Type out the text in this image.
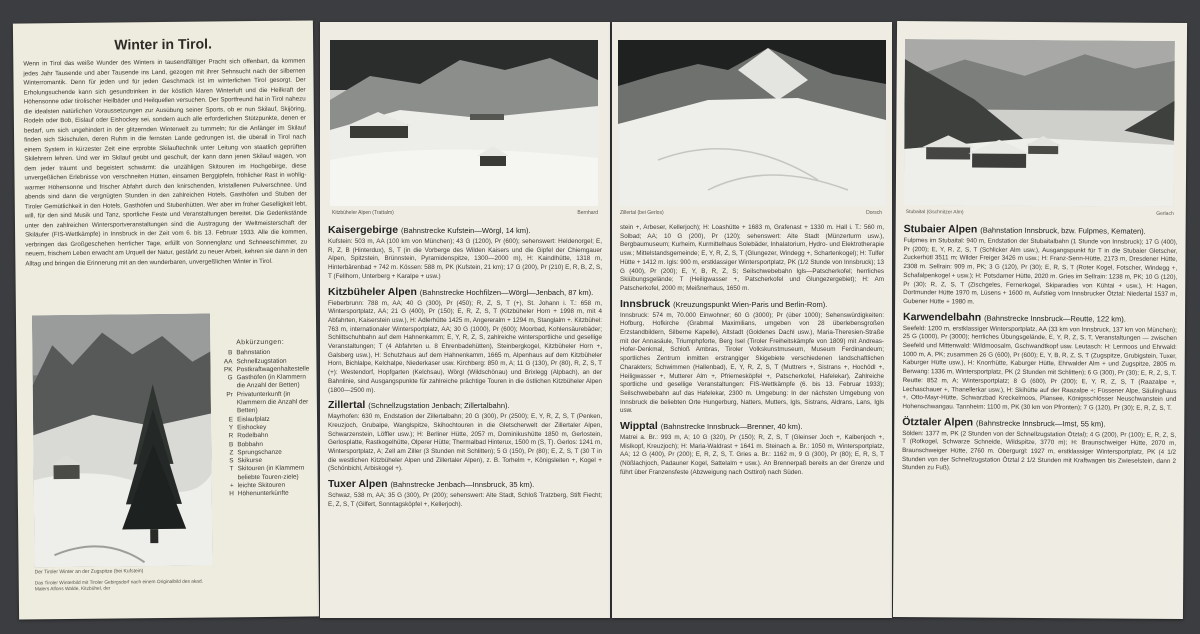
Winter in Tirol.
Wenn in Tirol das weiße Wunder des Winters in tausendfältiger Pracht sich offenbart, da kommen jedes Jahr Tausende und aber Tausende ins Land, gezogen mit ihrer Sehnsucht nach der silbernen Winterromantik. Denn für jeden und für jeden Geschmack ist im winterlichen Tirol gesorgt. Der Erholungsuchende kann sich gesundtrinken in der köstlich klaren Winterluft und die Heilkraft der Höhensonne oder tirolischer Heilbäder und Heilquellen versuchen. Der Sportfreund hat in Tirol nahezu die idealsten natürlichen Voraussetzungen zur Ausübung seiner Sports, ob er nun Skilauf, Skijöring, Rodeln oder Bob, Eislauf oder Eishockey sei, sondern auch alle erforderlichen Stützpunkte, denen er bedarf, um sich ungehindert in der glitzernden Winterwelt zu tummeln; für die Anfänger im Skilauf finden sich Skischulen, deren Ruhm in die fernsten Lande gedrungen ist, die überall in Tirol nach einem System in kürzester Zeit eine erprobte Skilauftechnik unter Leitung von staatlich geprüften Skilehrern lehren. Und wer im Skilauf geübt und geschult, der kann dann jenen Skilauf wagen, von dem jeder träumt und begeistert schwärmt: die unzähligen Skitouren im Hochgebirge, diese unvergeßlichen Erlebnisse von verschneiten Hütten, einsamen Berggipfeln, fröhlicher Rast in wohlig-warmer Höhensonne und frischer Abfahrt durch den knirschenden, kristallenen Pulverschnee. Und abends sind dann die vergnügten Stunden in den zahlreichen Hotels, Gasthöfen und Stuben der Tiroler Gemütlichkeit in den Hotels, Gasthöfen und Stubenhütten. Wer aber im froher Geselligkeit lebt, will, für den sind Musik und Tanz, sportliche Feste und Veranstaltungen bereitet. Die Gedenkstände unter den zahlreichen Wintersportveranstaltungen sind die Austragung der Weltmeisterschaft der Skiläufer (FIS-Wettkämpfe) in Innsbruck in der Zeit vom 6. bis 13. Februar 1933. Alle die kommen, verbringen das Großgeschehen herrlicher Tage, erfüllt von Sonnenglanz und Schneeschimmer, zu neuem, frischem Leben erwacht am Urquell der Natur, gestärkt zu neuer Arbeit, kehren sie dann in den Alltag und bringen die Erinnerung mit an den wunderbaren, unvergeßlichen Winter in Tirol.
Der Tiroler Winter an der Zugspitze (bei Kufstein)
Das Tiroler Winterbild mit Tiroler Gebirgsdorf nach einem Originalbild des akad. Malers Alfons Walde, Kitzbühel, der
Abkürzungen:
B Bahnstation
AA Schnellzugstation
PK Postkraftwagenhaltestelle
G Gasthöfen (in Klammern die Anzahl der Betten)
Pr Privatunterkunft (in Klammern die Anzahl der Betten)
E Eislaufplatz
Y Eishockey
R Rodelbahn
B Bobbahn
Z Sprungschanze
S Skikurse
T Skitouren (in Klammern beliebte Touren-ziele)
+ leichte Skitouren
H Höhenunterkünfte
Kitzbüheler Alpen (Trattalm)	Bernhard
Kaisergebirge (Bahnstrecke Kufstein—Wörgl, 14 km).

Kufstein: 503 m, AA (100 km von München); 43 G (1200), Pr (600); sehenswert: Heldenorgel; E, R, Z, B (Hinterdux), S, T (in die Vorberge des Wilden Kaisers und die Gipfel der Chiemgauer Alpen, Spitzstein, Brünnstein, Pyramidenspitze, 1300—2000 m), H: Kaindlhütte, 1318 m, Hinterbärenbad + 742 m. Kössen: 588 m, PK (Kufstein, 21 km); 17 G (200), Pr (210) E, R, B, Z, S, T (Fellhorn, Unterberg + Karalpe + usw.)

Kitzbüheler Alpen (Bahnstrecke Hochfilzen—Wörgl—Jenbach, 87 km).

Fieberbrunn: 788 m, AA; 40 G (300), Pr (450); R, Z, S, T (+), St. Johann i. T.: 658 m, Wintersportplatz, AA; 21 G (400), Pr (150); E, R, Z, S, T (Kitzbüheler Horn + 1998 m, mit 4 Abfahrten, Kaiserstein usw.), H: Adlerhütte 1425 m, Angereralm + 1294 m, Stanglalm +. Kitzbühel: 763 m, internationaler Wintersportplatz, AA; 30 G (1000), Pr (600); Moorbad, Kohlensäurebäder; Schlittschuhbahn auf dem Hahnenkamm; E, Y, R, Z, S, zahlreiche wintersportliche und gesellige Veranstaltungen; T (4 Abfahrten u. 8 Ehrenbadehütten), Steinbergkogel, Kitzbüheler Horn +, Galsberg usw.), H: Schutzhaus auf dem Hahnenkamm, 1665 m, Alpenhaus auf dem Kitzbüheler Horn, Bichlalpe, Kelchalpe, Niederkaser usw. Kirchberg: 850 m, A; 11 G (130), Pr (80), R, Z, S, T (+): Westendorf, Hopfgarten (Kelchsau), Wörgl (Wildschönau) und Brixlegg (Alpbach), an der Bahnlinie, sind Ausgangspunkte für zahlreiche prächtige Touren in die östlichen Kitzbüheler Alpen (1800—2500 m).

Zillertal (Schnellzugstation Jenbach; Zillertalbahn).

Mayrhofen: 630 m, Endstation der Zillertalbahn; 20 G (300), Pr (2500); E, Y, R, Z, S, T (Penken, Kreuzjoch, Grubalpe, Wanglspitze, Skihochtouren in die Gletscherwelt der Zillertaler Alpen, Schwarzenstein, Löffler usw.); H: Berliner Hütte, 2057 m, Dominikushütte 1850 m, Gerlostein, Gerlosplatte, Rastkogelhütte, Olperer Hütte; Thermalbad Hinterux, 1500 m (S, T). Gerlos: 1241 m, Wintersportplatz, A; Zell am Ziller (3 Stunden mit Schlitten); 5 G (150), Pr (80); E, Z, S, T (30 T in die westlichen Kitzbüheler Alpen und Zillertaler Alpen), z. B. Torhelm +, Königsleiten +, Kogel + (Schönbichl, Arbiskogel +).

Tuxer Alpen (Bahnstrecke Jenbach—Innsbruck, 35 km).

Schwaz, 538 m, AA; 35 G (300), Pr (200); sehenswert: Alte Stadt, Schloß Tratzberg, Stift Fiecht; E, Z, S, T (Gilfert, Sonntagsköpfel +, Kellerjoch).

Zillertal (bei Gerlos)	Dorsch

stein +, Arbeser, Kellerjoch); H: Loashütte + 1683 m, Grafenast + 1330 m. Hall i. T.: 560 m, Solbad; AA; 10 G (200), Pr (120); sehenswert: Alte Stadt (Münzerturm usw.), Bergbaumuseum; Kurheim, Kurmittelhaus Solebäder, Inhalatorium, Hydro- und Elektrotherapie usw.; Mittelstandsgemeinde; E, Y, R, Z, S, T (Glungezer, Windegg +, Schartenkogel); H: Tulfer Hütte + 1412 m. Igls: 900 m, erstklassiger Wintersportplatz, PK (1/2 Stunde von Innsbruck); 13 G (400), Pr (200); E, Y, B, R, Z, S; Seilschwebebahn Igls—Patscherkofel; herrliches Skiübungsgelände; T (Heiligwasser +, Patscherkofel und Glungezergebiet); H: Am Patscherkofel, 2000 m; Meißnerhaus, 1650 m.

Innsbruck (Kreuzungspunkt Wien-Paris und Berlin-Rom).

Innsbruck: 574 m, 70.000 Einwohner; 60 G (3000); Pr (über 1000); Sehenswürdigkeiten: Hofburg, Hofkirche (Grabmal Maximilians, umgeben von 28 überlebensgroßen Erzstandbildern, Silberne Kapelle), Altstadt (Goldenes Dachl usw.), Maria-Theresien-Straße mit der Annasäule, Triumphpforte, Berg Isel (Tiroler Freiheitskämpfe von 1809) mit Andreas-Hofer-Denkmal, Schloß Ambras, Tiroler Volkskunstmuseum, Museum Ferdinandeum; sportliches Zentrum inmitten erstrangiger Skigebiete verschiedenen landschaftlichen Charakters; Schwimmen (Hallenbad), E, Y, R, Z, S, T (Muttrers +, Sistrans +, Hochödl +, Heiligwasser +, Mutterer Alm +, Pfriemesköpfel +, Patscherkofel, Hafelekar), Zahlreiche sportliche und gesellige Veranstaltungen: FIS-Wettkämpfe (6. bis 13. Februar 1933); Seilschwebebahn auf das Hafelekar, 2300 m. Umgebung: In der nächsten Umgebung von Innsbruck die beliebten Orte Hungerburg, Natters, Mutters, Igls, Sistrans, Aldrans, Lans, Igls usw.

Wipptal (Bahnstrecke Innsbruck—Brenner, 40 km).

Matrei a. Br.: 993 m, A; 10 G (320), Pr (150); R, Z, S, T (Gleinser Joch +, Kalbenjoch +, Mislkopf, Kreuzjoch); H: Maria-Waldrast + 1641 m. Steinach a. Br.: 1050 m, Wintersportplatz, AA; 12 G (400), Pr (200); E, R, Z, S, T. Gries a. Br.: 1162 m, 9 G (300), Pr (80); E, R, S, T (Nößlachjoch, Padauner Kogel, Sattelalm + usw.). An Brennerpaß bereits an der Grenze und führt über Franzensfeste (Abzweigung nach Osttirol) nach Süden.

Stubaital (Gschnitzer Alm)	Gerlach
Stubaier Alpen (Bahnstation Innsbruck, bzw. Fulpmes, Kematen).

Fulpmes im Stubaital: 940 m, Endstation der Stubaitalbahn (1 Stunde von Innsbruck); 17 G (400), Pr (200); E, Y, R, Z, S, T (Schlicker Alm usw.), Ausgangspunkt für T in die Stubaier Gletscher, Zuckerhütl 3511 m; Wilder Freiger 3426 m usw.; H: Franz-Senn-Hütte, 2173 m, Dresdener Hütte, 2308 m. Sellrain: 909 m, PK; 3 G (120), Pr (30); E, R, S, T (Roter Kogel, Fotscher, Windegg +, Schafalpenkogel + usw.); H: Potsdamer Hütte, 2020 m. Gries im Sellrain: 1238 m, PK; 10 G (120), Pr (30); R, Z, S, T (Zischgeles, Fernerkogel, Skiparadies von Kühtai + usw.), H: Hagen, Dortmunder Hütte 1970 m, Lüsens + 1600 m, Aufstieg vom Innsbrucker Ötztal: Niedertal 1537 m, Gubener Hütte + 1980 m.

Karwendelbahn (Bahnstrecke Innsbruck—Reutte, 122 km).

Seefeld: 1200 m, erstklassiger Wintersportplatz, AA (33 km von Innsbruck, 137 km von München); 25 G (1000), Pr (3000); herrliches Übungsgelände, E, Y, R, Z, S, T, Veranstaltungen — zwischen Seefeld und Mittenwald: Wildmoosalm, Gschwandtkopf usw. Leutasch: H: Lermoos und Ehrwald: 1000 m, A, PK; zusammen 26 G (600), Pr (600); E, Y, B, R, Z, S, T (Zugspitze, Grubigstein, Tuxer, Kaburger Hütte usw.), H: Knorrhütte, Kaburger Hütte, Ehrwalder Alm + und Zugspitze, 2805 m. Berwang: 1336 m, Wintersportplatz, PK (2 Stunden mit Schlitten); 6 G (300), Pr (30); E, R, Z, S, T. Reutte: 852 m, A; Wintersportplatz; 8 G (600), Pr (200); E, Y, R, Z, S, T (Raazalpe +, Lechaschauer +, Thanellerkar usw.), H: Skihütte auf der Raazalpe +; Füssener Alpe, Säulinghaus +, Otto-Mayr-Hütte, Schwarzbad Kreckelmoos, Plansee, Königsschlösser Neuschwanstein und Hohenschwangau. Tannheim: 1100 m, PK (30 km von Pfronten); 7 G (120), Pr (30); E, R, Z, S, T.

Ötztaler Alpen (Bahnstrecke Innsbruck—Imst, 55 km).

Sölden: 1377 m, PK (2 Stunden von der Schnellzugstation Ötztal); 4 G (200), Pr (100); E, R, Z, S, T (Rotkogel, Schwarze Schneide, Wildspitze, 3770 m); H: Braunschweiger Hütte, 2070 m, Braunschweiger Hütte, 2760 m. Obergurgl: 1927 m, erstklassiger Wintersportplatz, PK (4 1/2 Stunden von der Schnellzugstation Ötztal 2 1/2 Stunden mit Kraftwagen bis Zwieselstein, dann 2 Stunden zu Fuß).
